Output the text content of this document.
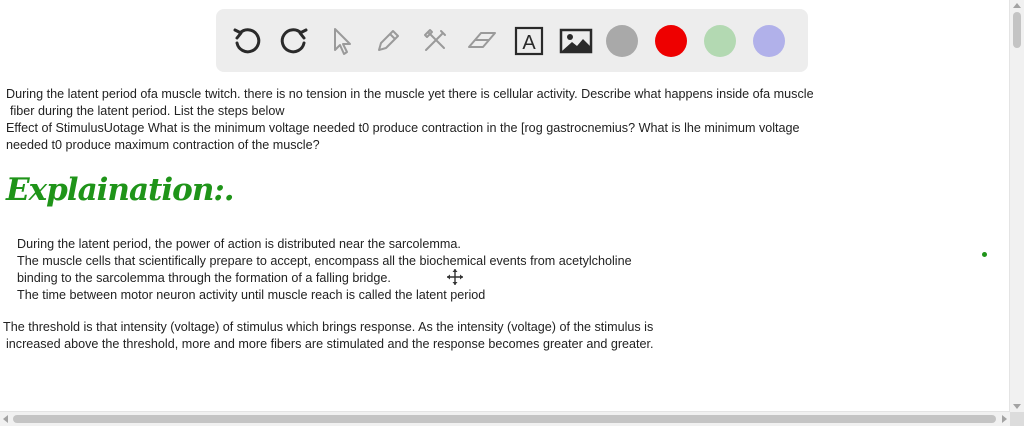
A
During the latent period ofa muscle twitch. there is no tension in the muscle yet there is cellular activity. Describe what happens inside ofa muscle
fiber during the latent period. List the steps below
Effect of StimulusUotage What is the minimum voltage needed t0 produce contraction in the [rog gastrocnemius? What is lhe minimum voltage
needed t0 produce maximum contraction of the muscle?
Explaination:.
During the latent period, the power of action is distributed near the sarcolemma.
The muscle cells that scientifically prepare to accept, encompass all the biochemical events from acetylcholine
binding to the sarcolemma through the formation of a falling bridge.
The time between motor neuron activity until muscle reach is called the latent period
The threshold is that intensity (voltage) of stimulus which brings response. As the intensity (voltage) of the stimulus is
increased above the threshold, more and more fibers are stimulated and the response becomes greater and greater.
